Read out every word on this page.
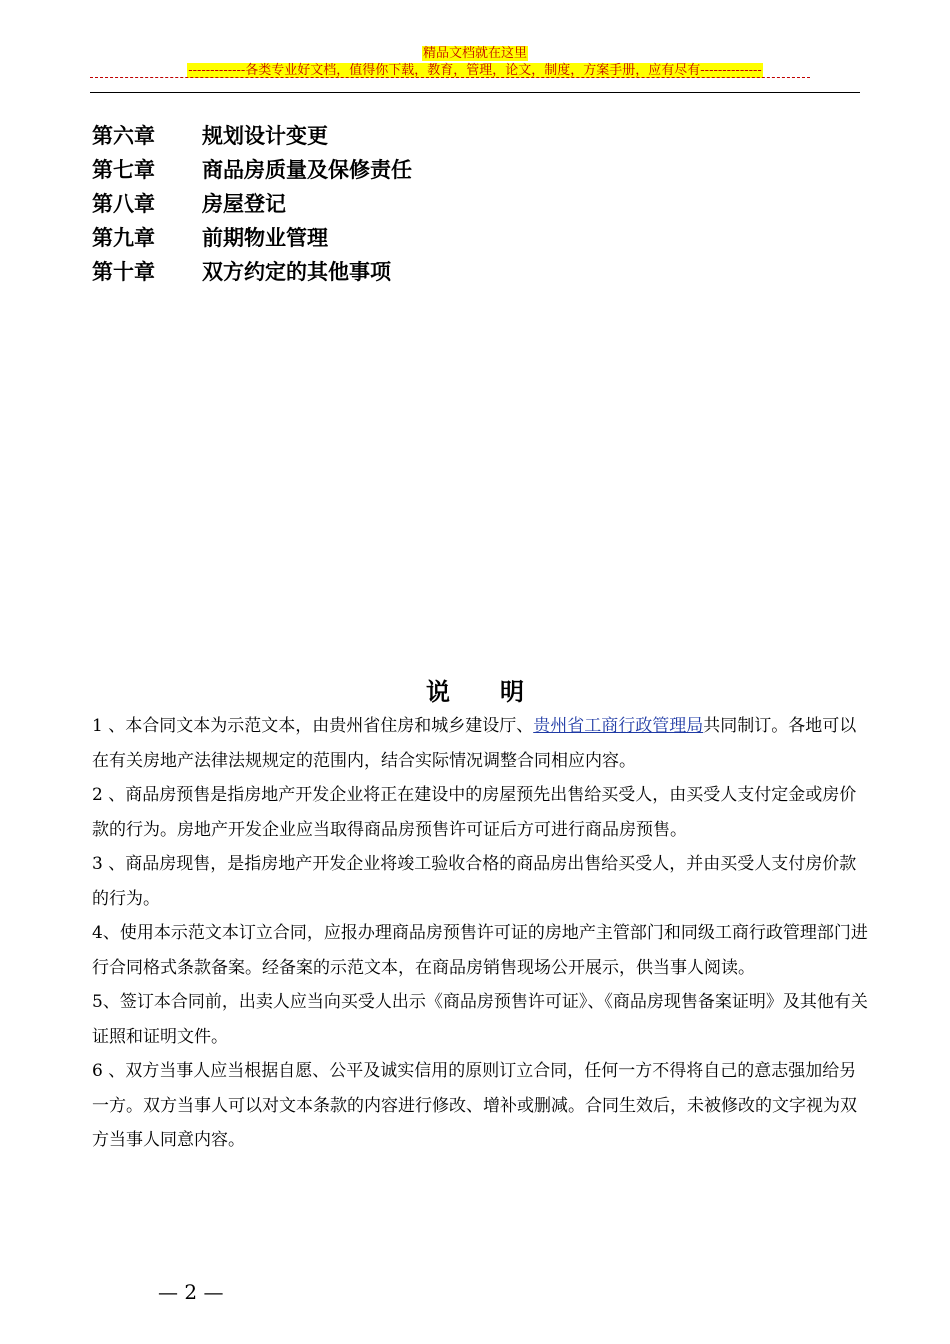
精品文档就在这里
-------------各类专业好文档，值得你下载，教育，管理，论文，制度，方案手册，应有尽有--------------
第六章	规划设计变更
第七章	商品房质量及保修责任
第八章	房屋登记
第九章	前期物业管理
第十章	双方约定的其他事项
说 明

1 、本合同文本为示范文本，由贵州省住房和城乡建设厅、贵州省工商行政管理局共同制订。各地可以在有关房地产法律法规规定的范围内，结合实际情况调整合同相应内容。

2 、商品房预售是指房地产开发企业将正在建设中的房屋预先出售给买受人，由买受人支付定金或房价款的行为。房地产开发企业应当取得商品房预售许可证后方可进行商品房预售。

3 、商品房现售，是指房地产开发企业将竣工验收合格的商品房出售给买受人，并由买受人支付房价款的行为。

4、使用本示范文本订立合同，应报办理商品房预售许可证的房地产主管部门和同级工商行政管理部门进行合同格式条款备案。经备案的示范文本，在商品房销售现场公开展示，供当事人阅读。

5、签订本合同前，出卖人应当向买受人出示《商品房预售许可证》、《商品房现售备案证明》及其他有关证照和证明文件。

6 、双方当事人应当根据自愿、公平及诚实信用的原则订立合同，任何一方不得将自己的意志强加给另一方。双方当事人可以对文本条款的内容进行修改、增补或删减。合同生效后，未被修改的文字视为双方当事人同意内容。

— 2 —
